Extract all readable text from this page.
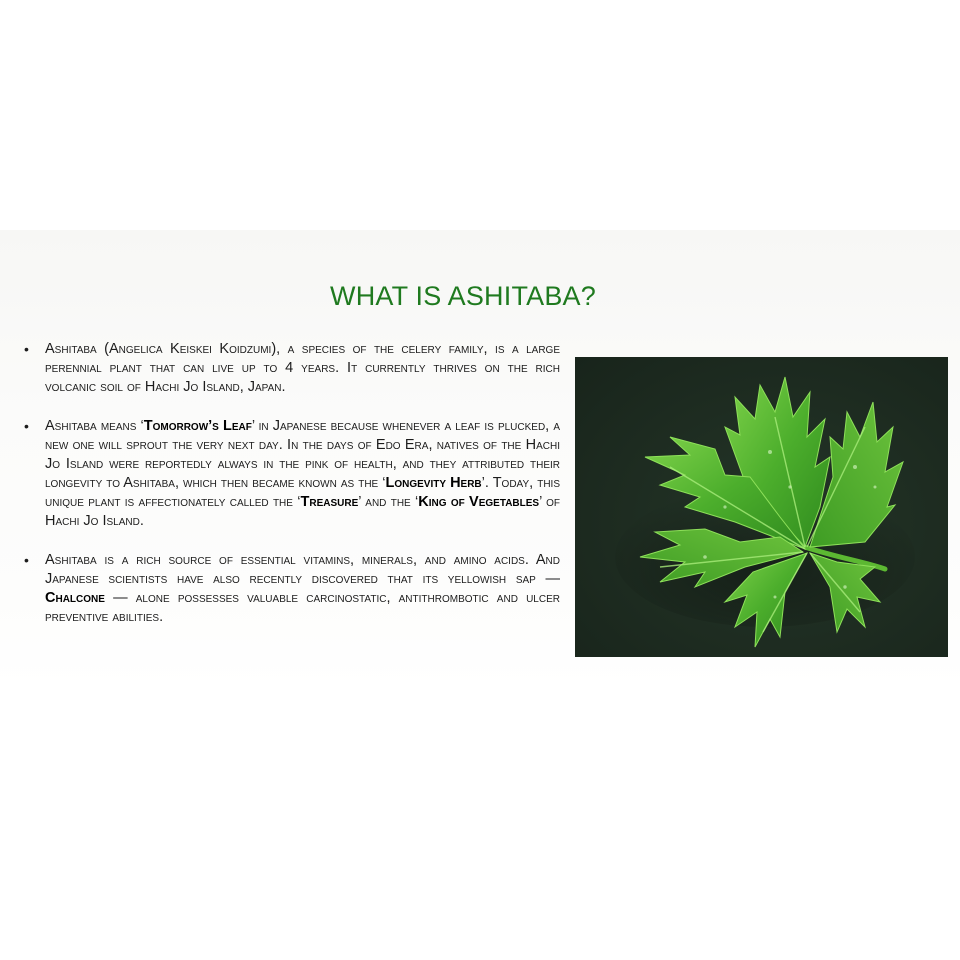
WHAT IS ASHITABA?
• Ashitaba (Angelica Keiskei Koidzumi), a species of the celery family, is a large perennial plant that can live up to 4 years. It currently thrives on the rich volcanic soil of Hachi Jo Island, Japan.
• Ashitaba means ‘Tomorrow’s Leaf’ in Japanese because whenever a leaf is plucked, a new one will sprout the very next day. In the days of Edo Era, natives of the Hachi Jo Island were reportedly always in the pink of health, and they attributed their longevity to Ashitaba, which then became known as the ‘Longevity Herb’. Today, this unique plant is affectionately called the ‘Treasure’ and the ‘King of Vegetables’ of Hachi Jo Island.
• Ashitaba is a rich source of essential vitamins, minerals, and amino acids. And Japanese scientists have also recently discovered that its yellowish sap — Chalcone — alone possesses valuable carcinostatic, antithrombotic and ulcer preventive abilities.
